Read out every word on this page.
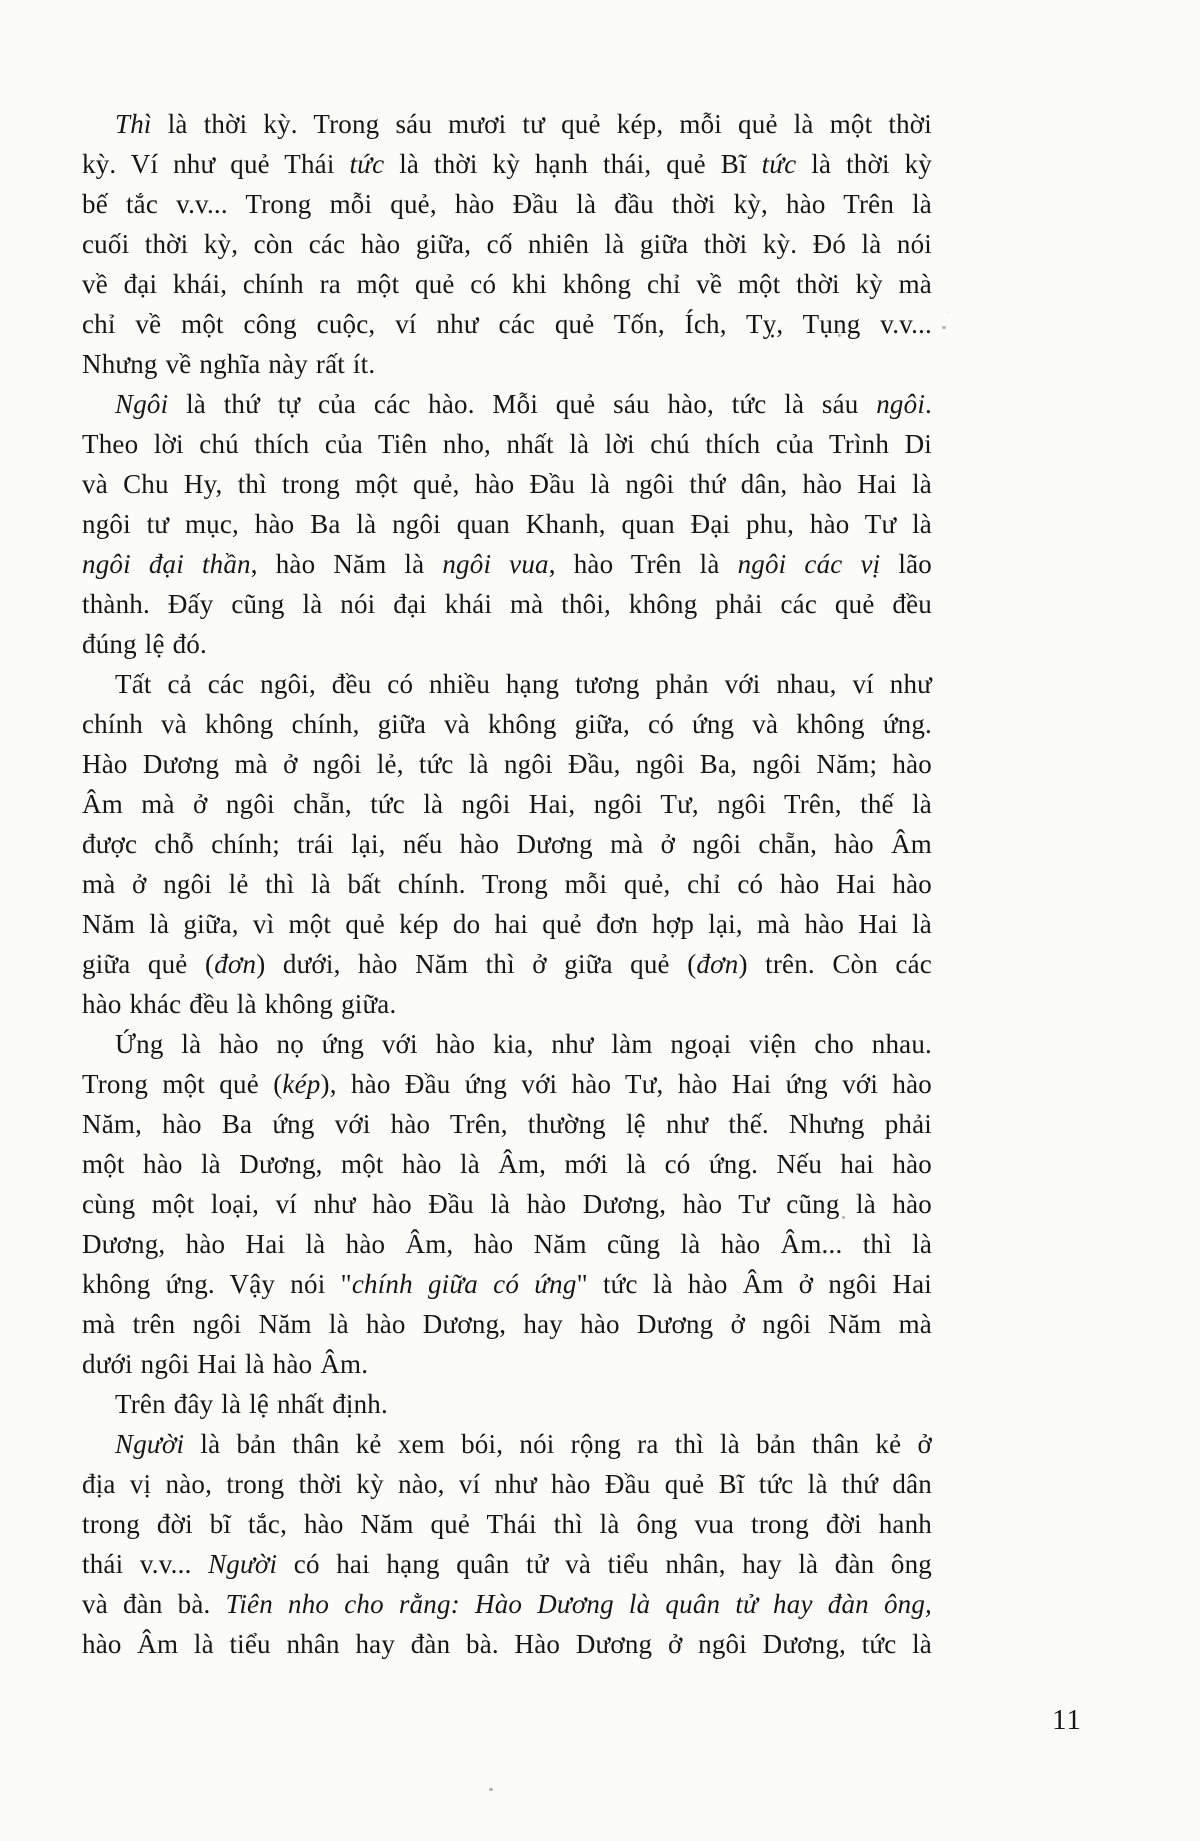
Thì là thời kỳ. Trong sáu mươi tư quẻ kép, mỗi quẻ là một thời
kỳ. Ví như quẻ Thái tức là thời kỳ hạnh thái, quẻ Bĩ tức là thời kỳ
bế tắc v.v... Trong mỗi quẻ, hào Đầu là đầu thời kỳ, hào Trên là
cuối thời kỳ, còn các hào giữa, cố nhiên là giữa thời kỳ. Đó là nói
về đại khái, chính ra một quẻ có khi không chỉ về một thời kỳ mà
chỉ về một công cuộc, ví như các quẻ Tốn, Ích, Tỵ, Tụng v.v...
Nhưng về nghĩa này rất ít.
Ngôi là thứ tự của các hào. Mỗi quẻ sáu hào, tức là sáu ngôi.
Theo lời chú thích của Tiên nho, nhất là lời chú thích của Trình Di
và Chu Hy, thì trong một quẻ, hào Đầu là ngôi thứ dân, hào Hai là
ngôi tư mục, hào Ba là ngôi quan Khanh, quan Đại phu, hào Tư là
ngôi đại thần, hào Năm là ngôi vua, hào Trên là ngôi các vị lão
thành. Đấy cũng là nói đại khái mà thôi, không phải các quẻ đều
đúng lệ đó.
Tất cả các ngôi, đều có nhiều hạng tương phản với nhau, ví như
chính và không chính, giữa và không giữa, có ứng và không ứng.
Hào Dương mà ở ngôi lẻ, tức là ngôi Đầu, ngôi Ba, ngôi Năm; hào
Âm mà ở ngôi chẵn, tức là ngôi Hai, ngôi Tư, ngôi Trên, thế là
được chỗ chính; trái lại, nếu hào Dương mà ở ngôi chẵn, hào Âm
mà ở ngôi lẻ thì là bất chính. Trong mỗi quẻ, chỉ có hào Hai hào
Năm là giữa, vì một quẻ kép do hai quẻ đơn hợp lại, mà hào Hai là
giữa quẻ (đơn) dưới, hào Năm thì ở giữa quẻ (đơn) trên. Còn các
hào khác đều là không giữa.
Ứng là hào nọ ứng với hào kia, như làm ngoại viện cho nhau.
Trong một quẻ (kép), hào Đầu ứng với hào Tư, hào Hai ứng với hào
Năm, hào Ba ứng với hào Trên, thường lệ như thế. Nhưng phải
một hào là Dương, một hào là Âm, mới là có ứng. Nếu hai hào
cùng một loại, ví như hào Đầu là hào Dương, hào Tư cũng là hào
Dương, hào Hai là hào Âm, hào Năm cũng là hào Âm... thì là
không ứng. Vậy nói "chính giữa có ứng" tức là hào Âm ở ngôi Hai
mà trên ngôi Năm là hào Dương, hay hào Dương ở ngôi Năm mà
dưới ngôi Hai là hào Âm.
Trên đây là lệ nhất định.
Người là bản thân kẻ xem bói, nói rộng ra thì là bản thân kẻ ở
địa vị nào, trong thời kỳ nào, ví như hào Đầu quẻ Bĩ tức là thứ dân
trong đời bĩ tắc, hào Năm quẻ Thái thì là ông vua trong đời hanh
thái v.v... Người có hai hạng quân tử và tiểu nhân, hay là đàn ông
và đàn bà. Tiên nho cho rằng: Hào Dương là quân tử hay đàn ông,
hào Âm là tiểu nhân hay đàn bà. Hào Dương ở ngôi Dương, tức là
11
